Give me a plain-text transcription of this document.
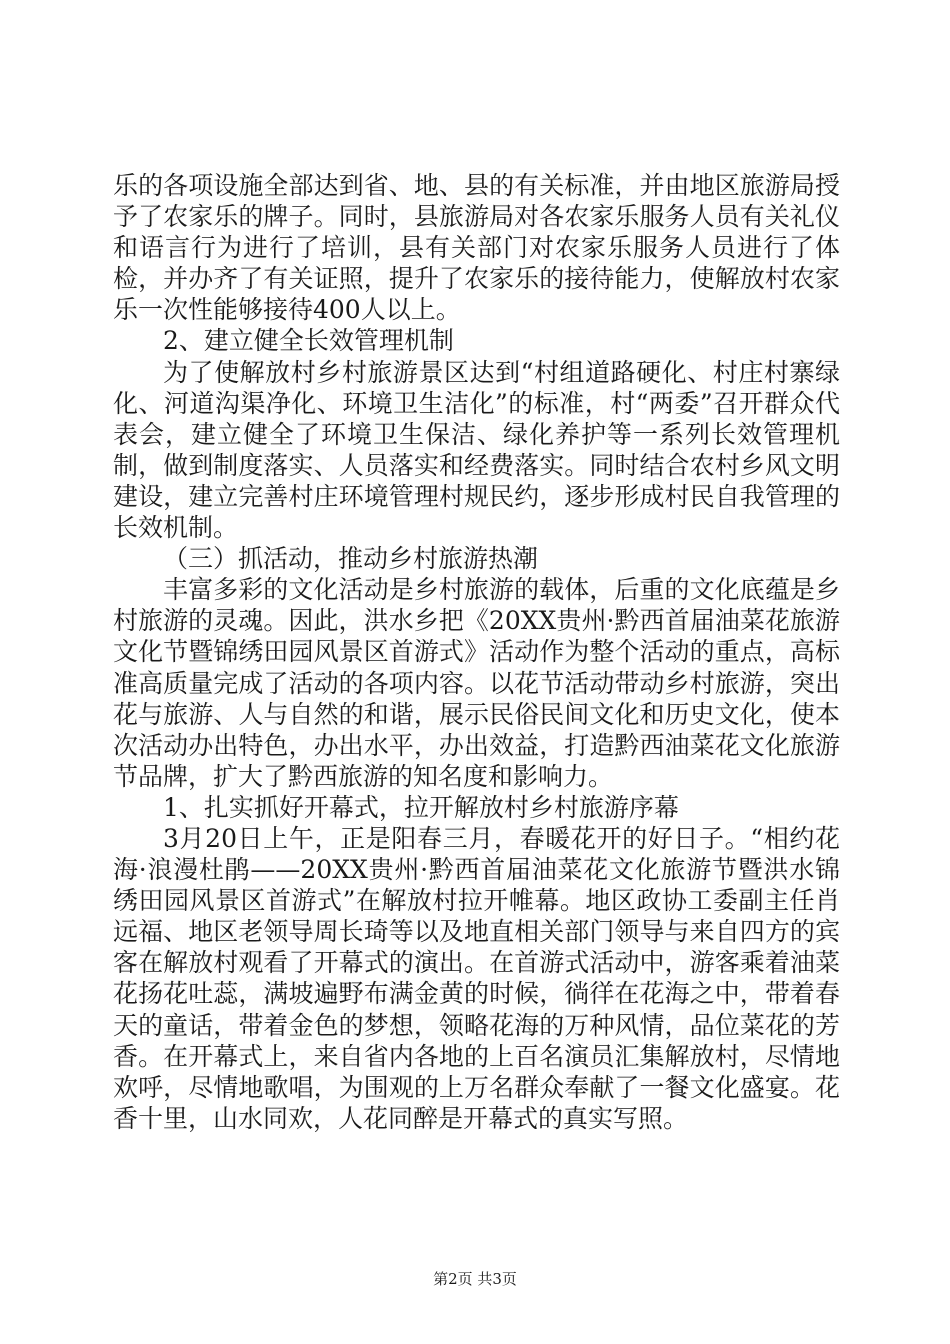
乐的各项设施全部达到省、地、县的有关标准，并由地区旅游局授予了农家乐的牌子。同时，县旅游局对各农家乐服务人员有关礼仪和语言行为进行了培训，县有关部门对农家乐服务人员进行了体检，并办齐了有关证照，提升了农家乐的接待能力，使解放村农家乐一次性能够接待400人以上。

2、建立健全长效管理机制

为了使解放村乡村旅游景区达到“村组道路硬化、村庄村寨绿化、河道沟渠净化、环境卫生洁化”的标准，村“两委”召开群众代表会，建立健全了环境卫生保洁、绿化养护等一系列长效管理机制，做到制度落实、人员落实和经费落实。同时结合农村乡风文明建设，建立完善村庄环境管理村规民约，逐步形成村民自我管理的长效机制。

（三）抓活动，推动乡村旅游热潮

丰富多彩的文化活动是乡村旅游的载体，后重的文化底蕴是乡村旅游的灵魂。因此，洪水乡把《20XX贵州·黔西首届油菜花旅游文化节暨锦绣田园风景区首游式》活动作为整个活动的重点，高标准高质量完成了活动的各项内容。以花节活动带动乡村旅游，突出花与旅游、人与自然的和谐，展示民俗民间文化和历史文化，使本次活动办出特色，办出水平，办出效益，打造黔西油菜花文化旅游节品牌，扩大了黔西旅游的知名度和影响力。

1、扎实抓好开幕式，拉开解放村乡村旅游序幕

3月20日上午，正是阳春三月，春暖花开的好日子。“相约花海·浪漫杜鹃——20XX贵州·黔西首届油菜花文化旅游节暨洪水锦绣田园风景区首游式”在解放村拉开帷幕。地区政协工委副主任肖远福、地区老领导周长琦等以及地直相关部门领导与来自四方的宾客在解放村观看了开幕式的演出。在首游式活动中，游客乘着油菜花扬花吐蕊，满坡遍野布满金黄的时候，徜徉在花海之中，带着春天的童话，带着金色的梦想，领略花海的万种风情，品位菜花的芳香。在开幕式上，来自省内各地的上百名演员汇集解放村，尽情地欢呼，尽情地歌唱，为围观的上万名群众奉献了一餐文化盛宴。花香十里，山水同欢，人花同醉是开幕式的真实写照。

第2页 共3页
